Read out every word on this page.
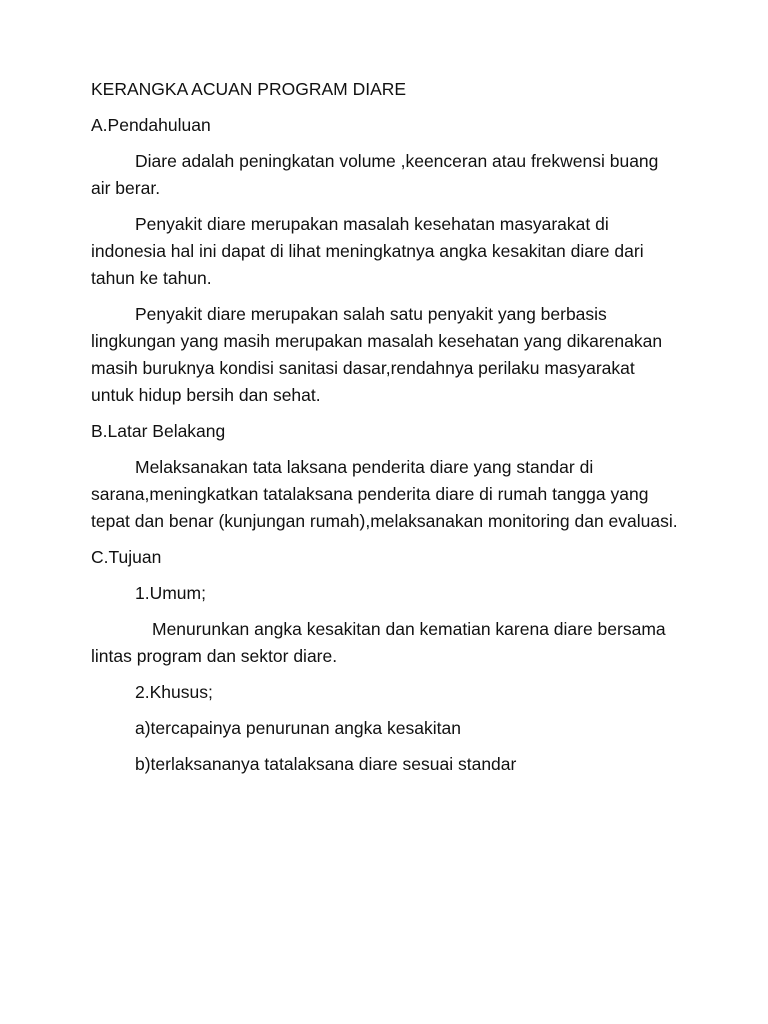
KERANGKA ACUAN PROGRAM DIARE

A.Pendahuluan

Diare adalah peningkatan volume ,keenceran atau frekwensi buang air berar.

Penyakit diare merupakan masalah kesehatan masyarakat di indonesia hal ini dapat di lihat meningkatnya angka kesakitan diare dari tahun ke tahun.

Penyakit diare merupakan salah satu penyakit yang berbasis lingkungan yang masih merupakan masalah kesehatan yang dikarenakan masih buruknya kondisi sanitasi dasar,rendahnya perilaku masyarakat untuk hidup bersih dan sehat.

B.Latar Belakang

Melaksanakan tata laksana penderita diare yang standar di sarana,meningkatkan tatalaksana penderita diare di rumah tangga yang tepat dan benar (kunjungan rumah),melaksanakan monitoring dan evaluasi.

C.Tujuan

1.Umum;

Menurunkan angka kesakitan dan kematian karena diare bersama lintas program dan sektor diare.

2.Khusus;

a)tercapainya penurunan angka kesakitan

b)terlaksananya tatalaksana diare sesuai standar
